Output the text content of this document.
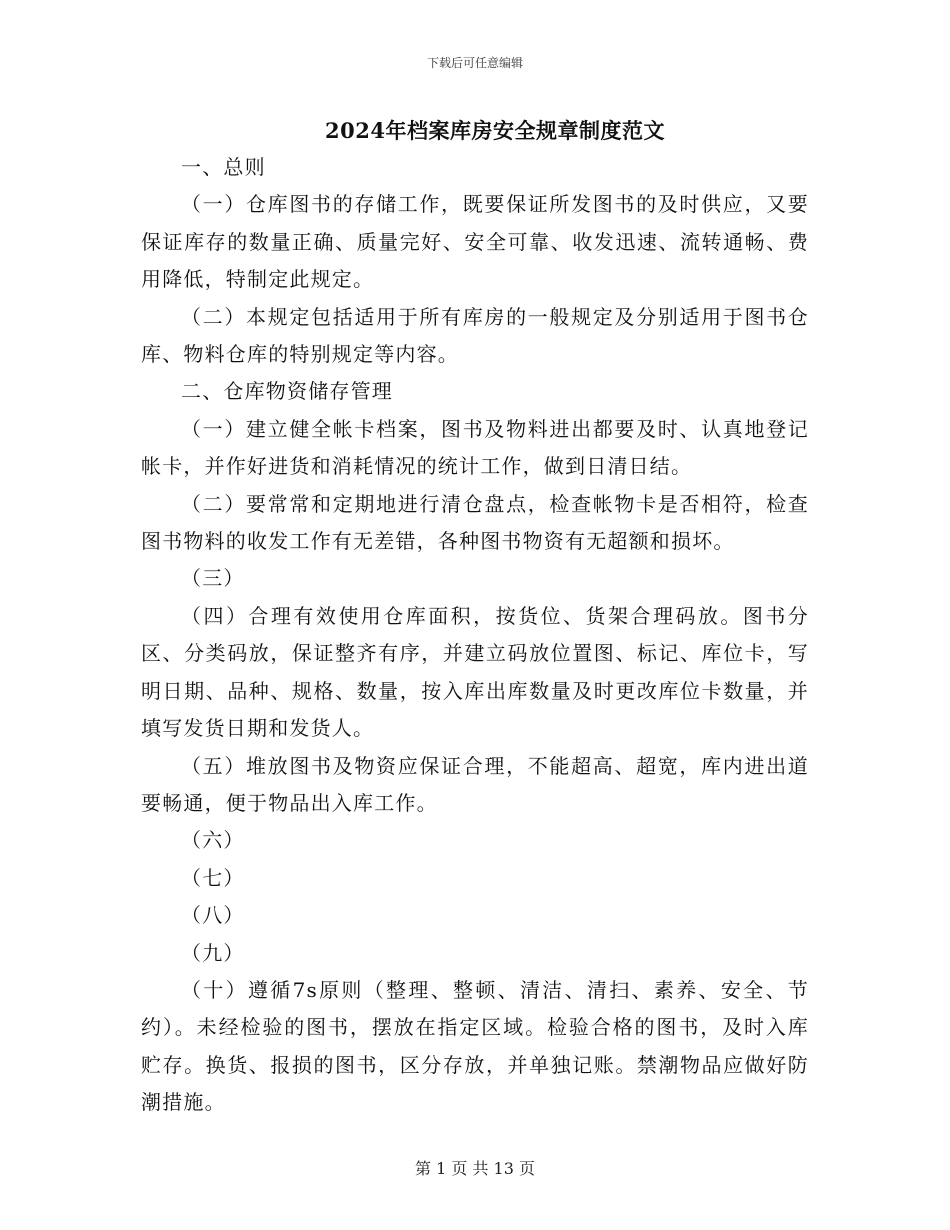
下载后可任意编辑
2024年档案库房安全规章制度范文

一、总则

（一）仓库图书的存储工作，既要保证所发图书的及时供应，又要保证库存的数量正确、质量完好、安全可靠、收发迅速、流转通畅、费用降低，特制定此规定。

（二）本规定包括适用于所有库房的一般规定及分别适用于图书仓库、物料仓库的特别规定等内容。

二、仓库物资储存管理

（一）建立健全帐卡档案，图书及物料进出都要及时、认真地登记帐卡，并作好进货和消耗情况的统计工作，做到日清日结。

（二）要常常和定期地进行清仓盘点，检查帐物卡是否相符，检查图书物料的收发工作有无差错，各种图书物资有无超额和损坏。

（三）

（四）合理有效使用仓库面积，按货位、货架合理码放。图书分区、分类码放，保证整齐有序，并建立码放位置图、标记、库位卡，写明日期、品种、规格、数量，按入库出库数量及时更改库位卡数量，并填写发货日期和发货人。

（五）堆放图书及物资应保证合理，不能超高、超宽，库内进出道要畅通，便于物品出入库工作。

（六）

（七）

（八）

（九）

（十）遵循7s原则（整理、整顿、清洁、清扫、素养、安全、节约）。未经检验的图书，摆放在指定区域。检验合格的图书，及时入库贮存。换货、报损的图书，区分存放，并单独记账。禁潮物品应做好防潮措施。

第 1 页 共 13 页
